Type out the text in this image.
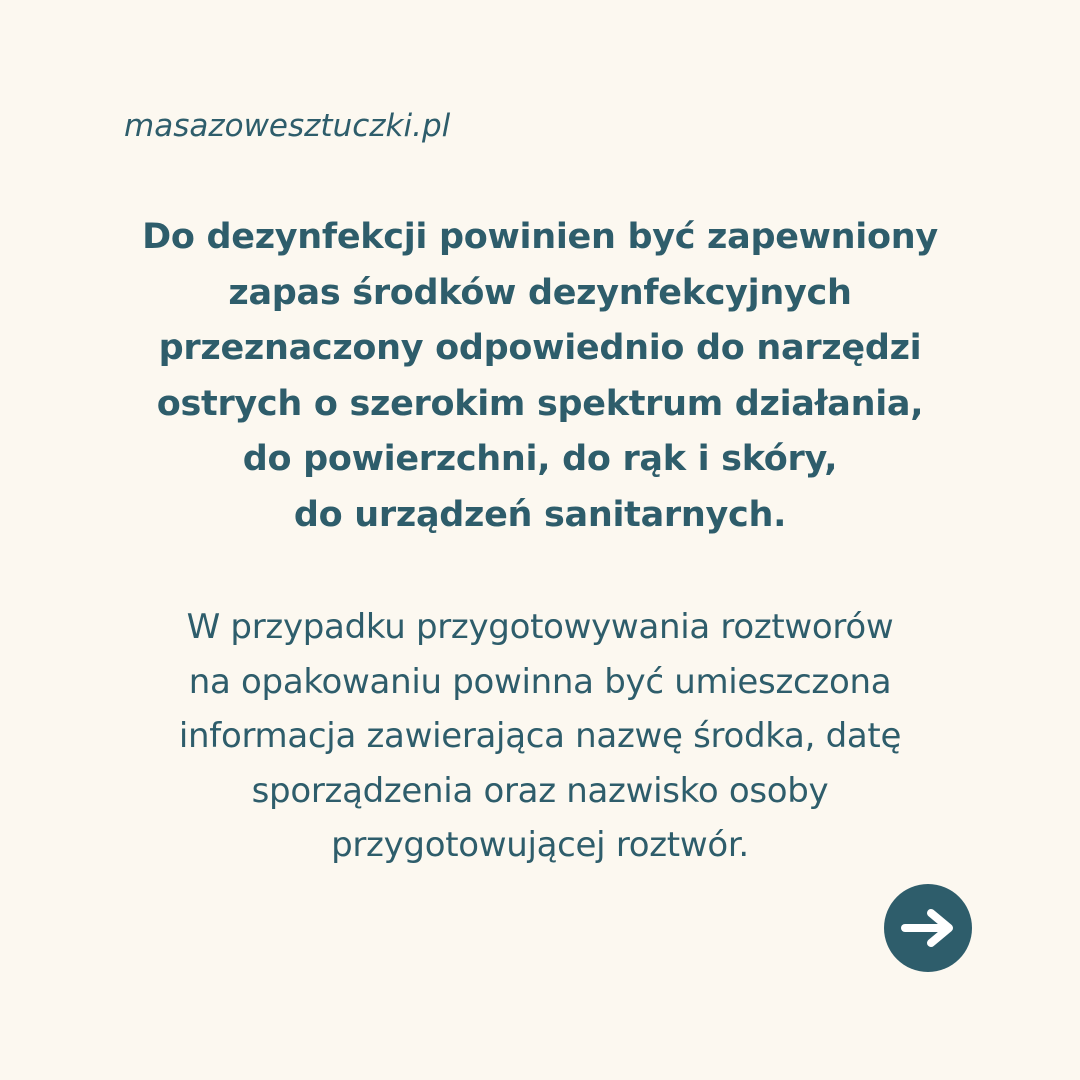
masazowesztuczki.pl
Do dezynfekcji powinien być zapewniony
zapas środków dezynfekcyjnych
przeznaczony odpowiednio do narzędzi
ostrych o szerokim spektrum działania,
do powierzchni, do rąk i skóry,
do urządzeń sanitarnych.
W przypadku przygotowywania roztworów
na opakowaniu powinna być umieszczona
informacja zawierająca nazwę środka, datę
sporządzenia oraz nazwisko osoby
przygotowującej roztwór.
